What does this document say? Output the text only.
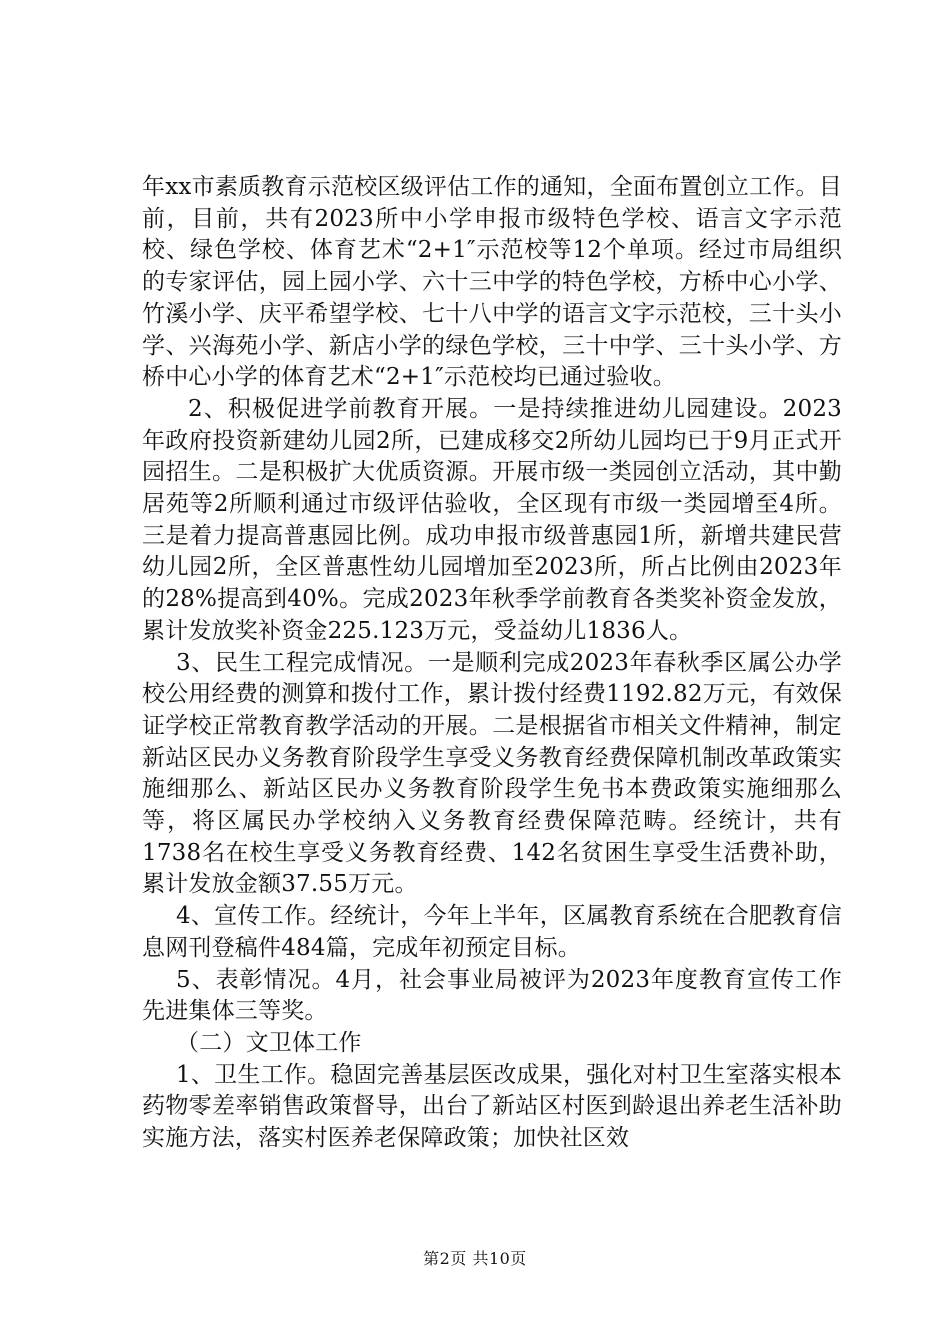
年xx市素质教育示范校区级评估工作的通知，全面布置创立工作。目前，目前，共有2023所中小学申报市级特色学校、语言文字示范校、绿色学校、体育艺术“2+1″示范校等12个单项。经过市局组织的专家评估，园上园小学、六十三中学的特色学校，方桥中心小学、竹溪小学、庆平希望学校、七十八中学的语言文字示范校，三十头小学、兴海苑小学、新店小学的绿色学校，三十中学、三十头小学、方桥中心小学的体育艺术“2+1″示范校均已通过验收。

2、积极促进学前教育开展。一是持续推进幼儿园建设。2023年政府投资新建幼儿园2所，已建成移交2所幼儿园均已于9月正式开园招生。二是积极扩大优质资源。开展市级一类园创立活动，其中勤居苑等2所顺利通过市级评估验收，全区现有市级一类园增至4所。三是着力提高普惠园比例。成功申报市级普惠园1所，新增共建民营幼儿园2所，全区普惠性幼儿园增加至2023所，所占比例由2023年的28%提高到40%。完成2023年秋季学前教育各类奖补资金发放，累计发放奖补资金225.123万元，受益幼儿1836人。

3、民生工程完成情况。一是顺利完成2023年春秋季区属公办学校公用经费的测算和拨付工作，累计拨付经费1192.82万元，有效保证学校正常教育教学活动的开展。二是根据省市相关文件精神，制定新站区民办义务教育阶段学生享受义务教育经费保障机制改革政策实施细那么、新站区民办义务教育阶段学生免书本费政策实施细那么等，将区属民办学校纳入义务教育经费保障范畴。经统计，共有1738名在校生享受义务教育经费、142名贫困生享受生活费补助，累计发放金额37.55万元。

4、宣传工作。经统计，今年上半年，区属教育系统在合肥教育信息网刊登稿件484篇，完成年初预定目标。

5、表彰情况。4月，社会事业局被评为2023年度教育宣传工作先进集体三等奖。

（二）文卫体工作

1、卫生工作。稳固完善基层医改成果，强化对村卫生室落实根本药物零差率销售政策督导，出台了新站区村医到龄退出养老生活补助实施方法，落实村医养老保障政策；加快社区效

第2页 共10页
